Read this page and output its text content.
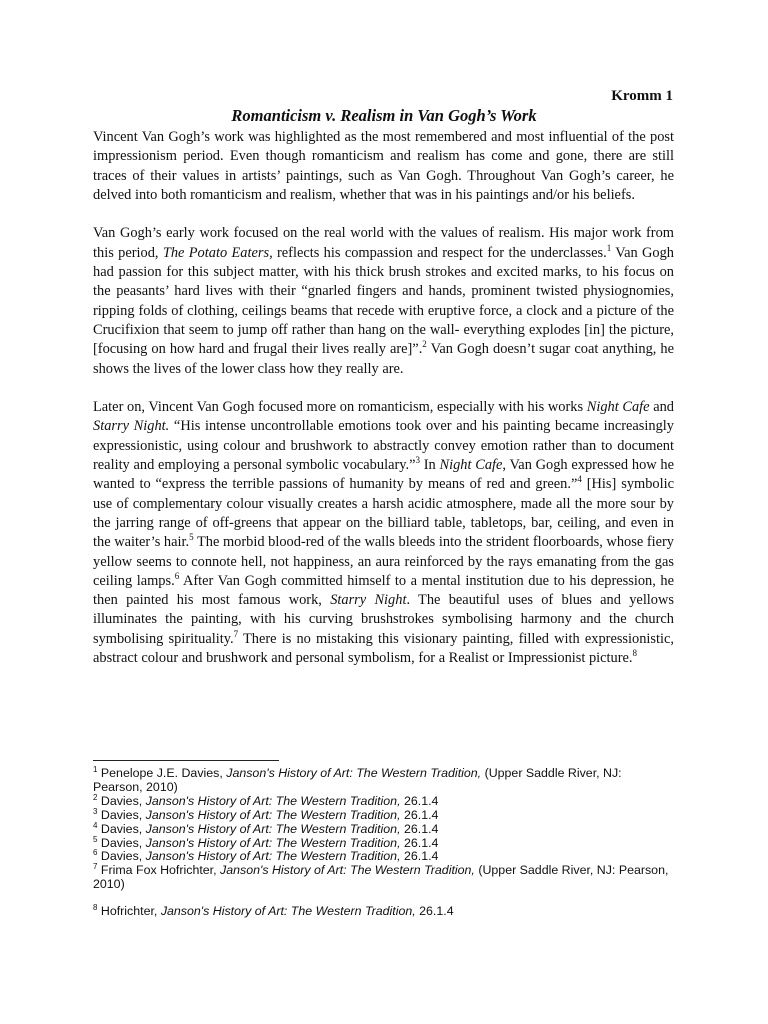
Kromm 1
Romanticism v. Realism in Van Gogh’s Work

Vincent Van Gogh’s work was highlighted as the most remembered and most influential of the post impressionism period. Even though romanticism and realism has come and gone, there are still traces of their values in artists’ paintings, such as Van Gogh. Throughout Van Gogh’s career, he delved into both romanticism and realism, whether that was in his paintings and/or his beliefs.

Van Gogh’s early work focused on the real world with the values of realism. His major work from this period, The Potato Eaters, reflects his compassion and respect for the underclasses.$^1$ Van Gogh had passion for this subject matter, with his thick brush strokes and excited marks, to his focus on the peasants’ hard lives with their “gnarled fingers and hands, prominent twisted physiognomies, ripping folds of clothing, ceilings beams that recede with eruptive force, a clock and a picture of the Crucifixion that seem to jump off rather than hang on the wall- everything explodes [in] the picture, [focusing on how hard and frugal their lives really are]”.$^2$ Van Gogh doesn’t sugar coat anything, he shows the lives of the lower class how they really are.

Later on, Vincent Van Gogh focused more on romanticism, especially with his works Night Cafe and Starry Night. “His intense uncontrollable emotions took over and his painting became increasingly expressionistic, using colour and brushwork to abstractly convey emotion rather than to document reality and employing a personal symbolic vocabulary.”$^3$ In Night Cafe, Van Gogh expressed how he wanted to “express the terrible passions of humanity by means of red and green.”$^4$ [His] symbolic use of complementary colour visually creates a harsh acidic atmosphere, made all the more sour by the jarring range of off-greens that appear on the billiard table, tabletops, bar, ceiling, and even in the waiter’s hair.$^5$ The morbid blood-red of the walls bleeds into the strident floorboards, whose fiery yellow seems to connote hell, not happiness, an aura reinforced by the rays emanating from the gas ceiling lamps.$^6$ After Van Gogh committed himself to a mental institution due to his depression, he then painted his most famous work, Starry Night. The beautiful uses of blues and yellows illuminates the painting, with his curving brushstrokes symbolising harmony and the church symbolising spirituality.$^7$ There is no mistaking this visionary painting, filled with expressionistic, abstract colour and brushwork and personal symbolism, for a Realist or Impressionist picture.$^8$

$^1$ Penelope J.E. Davies, Janson's History of Art: The Western Tradition, (Upper Saddle River, NJ: Pearson, 2010)

$^2$ Davies, Janson's History of Art: The Western Tradition, 26.1.4

$^3$ Davies, Janson's History of Art: The Western Tradition, 26.1.4

$^4$ Davies, Janson's History of Art: The Western Tradition, 26.1.4

$^5$ Davies, Janson's History of Art: The Western Tradition, 26.1.4

$^6$ Davies, Janson's History of Art: The Western Tradition, 26.1.4

$^7$ Frima Fox Hofrichter, Janson's History of Art: The Western Tradition, (Upper Saddle River, NJ: Pearson, 2010)

$^8$ Hofrichter, Janson's History of Art: The Western Tradition, 26.1.4
